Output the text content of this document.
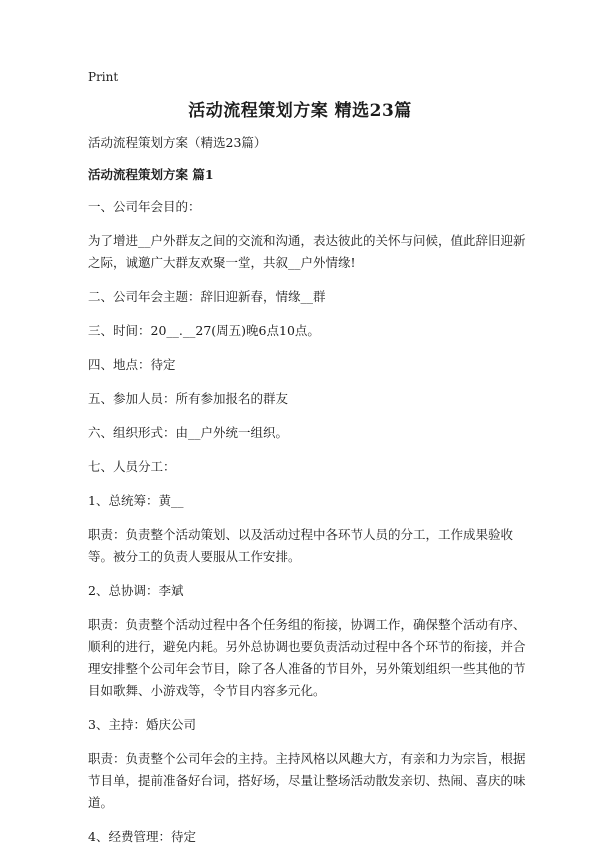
Print
活动流程策划方案 精选23篇

活动流程策划方案（精选23篇）

活动流程策划方案 篇1

一、公司年会目的：

为了增进__户外群友之间的交流和沟通，表达彼此的关怀与问候，值此辞旧迎新之际，诚邀广大群友欢聚一堂，共叙__户外情缘!

二、公司年会主题：辞旧迎新春，情缘__群

三、时间：20__.__27(周五)晚6点10点。

四、地点：待定

五、参加人员：所有参加报名的群友

六、组织形式：由__户外统一组织。

七、人员分工：

1、总统筹：黄__

职责：负责整个活动策划、以及活动过程中各环节人员的分工，工作成果验收等。被分工的负责人要服从工作安排。

2、总协调：李斌

职责：负责整个活动过程中各个任务组的衔接，协调工作，确保整个活动有序、顺利的进行，避免内耗。另外总协调也要负责活动过程中各个环节的衔接，并合理安排整个公司年会节目，除了各人准备的节目外，另外策划组织一些其他的节目如歌舞、小游戏等，令节目内容多元化。

3、主持：婚庆公司

职责：负责整个公司年会的主持。主持风格以风趣大方，有亲和力为宗旨，根据节目单，提前准备好台词，搭好场，尽量让整场活动散发亲切、热闹、喜庆的味道。

4、经费管理：待定
